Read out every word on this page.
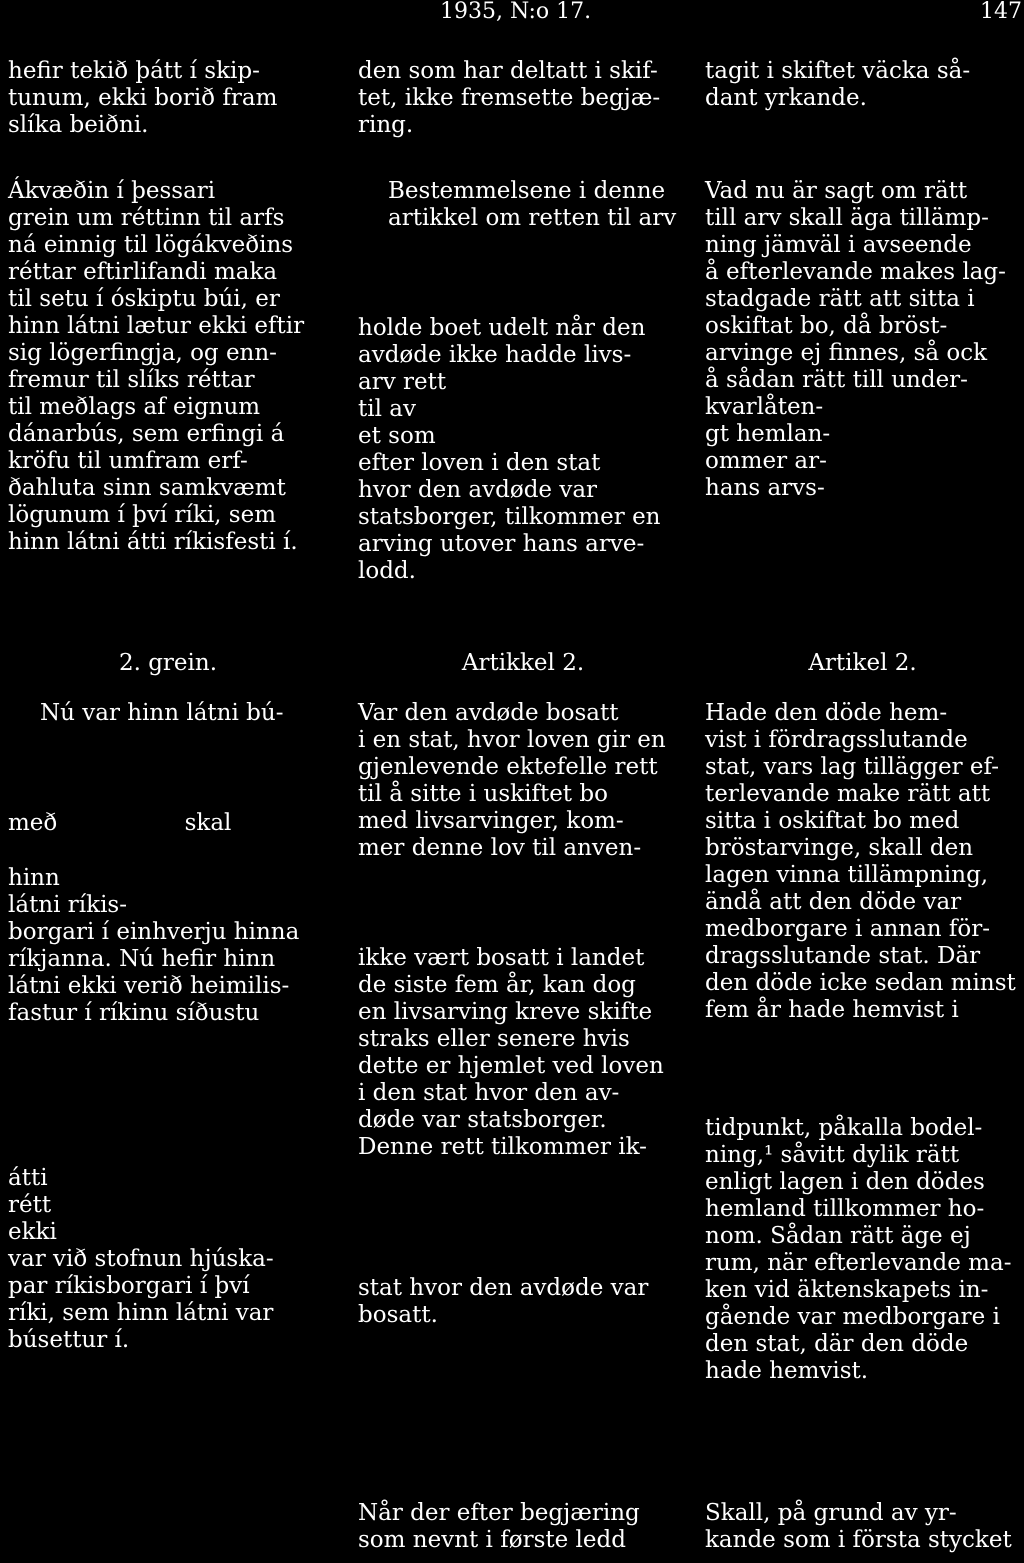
1935, N:o 17.	147
hefir tekið þátt í skip-
tunum, ekki borið fram
slíka beiðni.
Ákvæðin í þessari
grein um réttinn til arfs
ná einnig til lögákveðins
réttar eftirlifandi maka
til setu í óskiptu búi, er
hinn látni lætur ekki eftir
sig lögerfingja, og enn-
fremur til slíks réttar
til meðlags af eignum
dánarbús, sem erfingi á
kröfu til umfram erf-
ðahluta sinn samkvæmt
lögunum í því ríki, sem
hinn látni átti ríkisfesti í.
2. grein.
Nú var hinn látni bú-
með skal
hinn
látni ríkis-
borgari í einhverju hinna
ríkjanna. Nú hefir hinn
látni ekki verið heimilis-
fastur í ríkinu síðustu
átti
rétt
ekki
var við stofnun hjúska-
par ríkisborgari í því
ríki, sem hinn látni var
búsettur í.
den som har deltatt i skif-
tet, ikke fremsette begjæ-
ring.
Bestemmelsene i denne
artikkel om retten til arv
holde boet udelt når den
avdøde ikke hadde livs-
arv rett
til av
et som
efter loven i den stat
hvor den avdøde var
statsborger, tilkommer en
arving utover hans arve-
lodd.
Artikkel 2.
Var den avdøde bosatt
i en stat, hvor loven gir en
gjenlevende ektefelle rett
til å sitte i uskiftet bo
med livsarvinger, kom-
mer denne lov til anven-
ikke vært bosatt i landet
de siste fem år, kan dog
en livsarving kreve skifte
straks eller senere hvis
dette er hjemlet ved loven
i den stat hvor den av-
døde var statsborger.
Denne rett tilkommer ik-
stat hvor den avdøde var
bosatt.
Når der efter begjæring
som nevnt i første ledd
tagit i skiftet väcka så-
dant yrkande.
Vad nu är sagt om rätt
till arv skall äga tillämp-
ning jämväl i avseende
å efterlevande makes lag-
stadgade rätt att sitta i
oskiftat bo, då bröst-
arvinge ej finnes, så ock
å sådan rätt till under-
kvarlåten-
gt hemlan-
ommer ar-
hans arvs-
Artikel 2.
Hade den döde hem-
vist i fördragsslutande
stat, vars lag tillägger ef-
terlevande make rätt att
sitta i oskiftat bo med
bröstarvinge, skall den
lagen vinna tillämpning,
ändå att den döde var
medborgare i annan för-
dragsslutande stat. Där
den döde icke sedan minst
fem år hade hemvist i
tidpunkt, påkalla bodel-
ning,¹ såvitt dylik rätt
enligt lagen i den dödes
hemland tillkommer ho-
nom. Sådan rätt äge ej
rum, när efterlevande ma-
ken vid äktenskapets in-
gående var medborgare i
den stat, där den döde
hade hemvist.
Skall, på grund av yr-
kande som i första stycket
